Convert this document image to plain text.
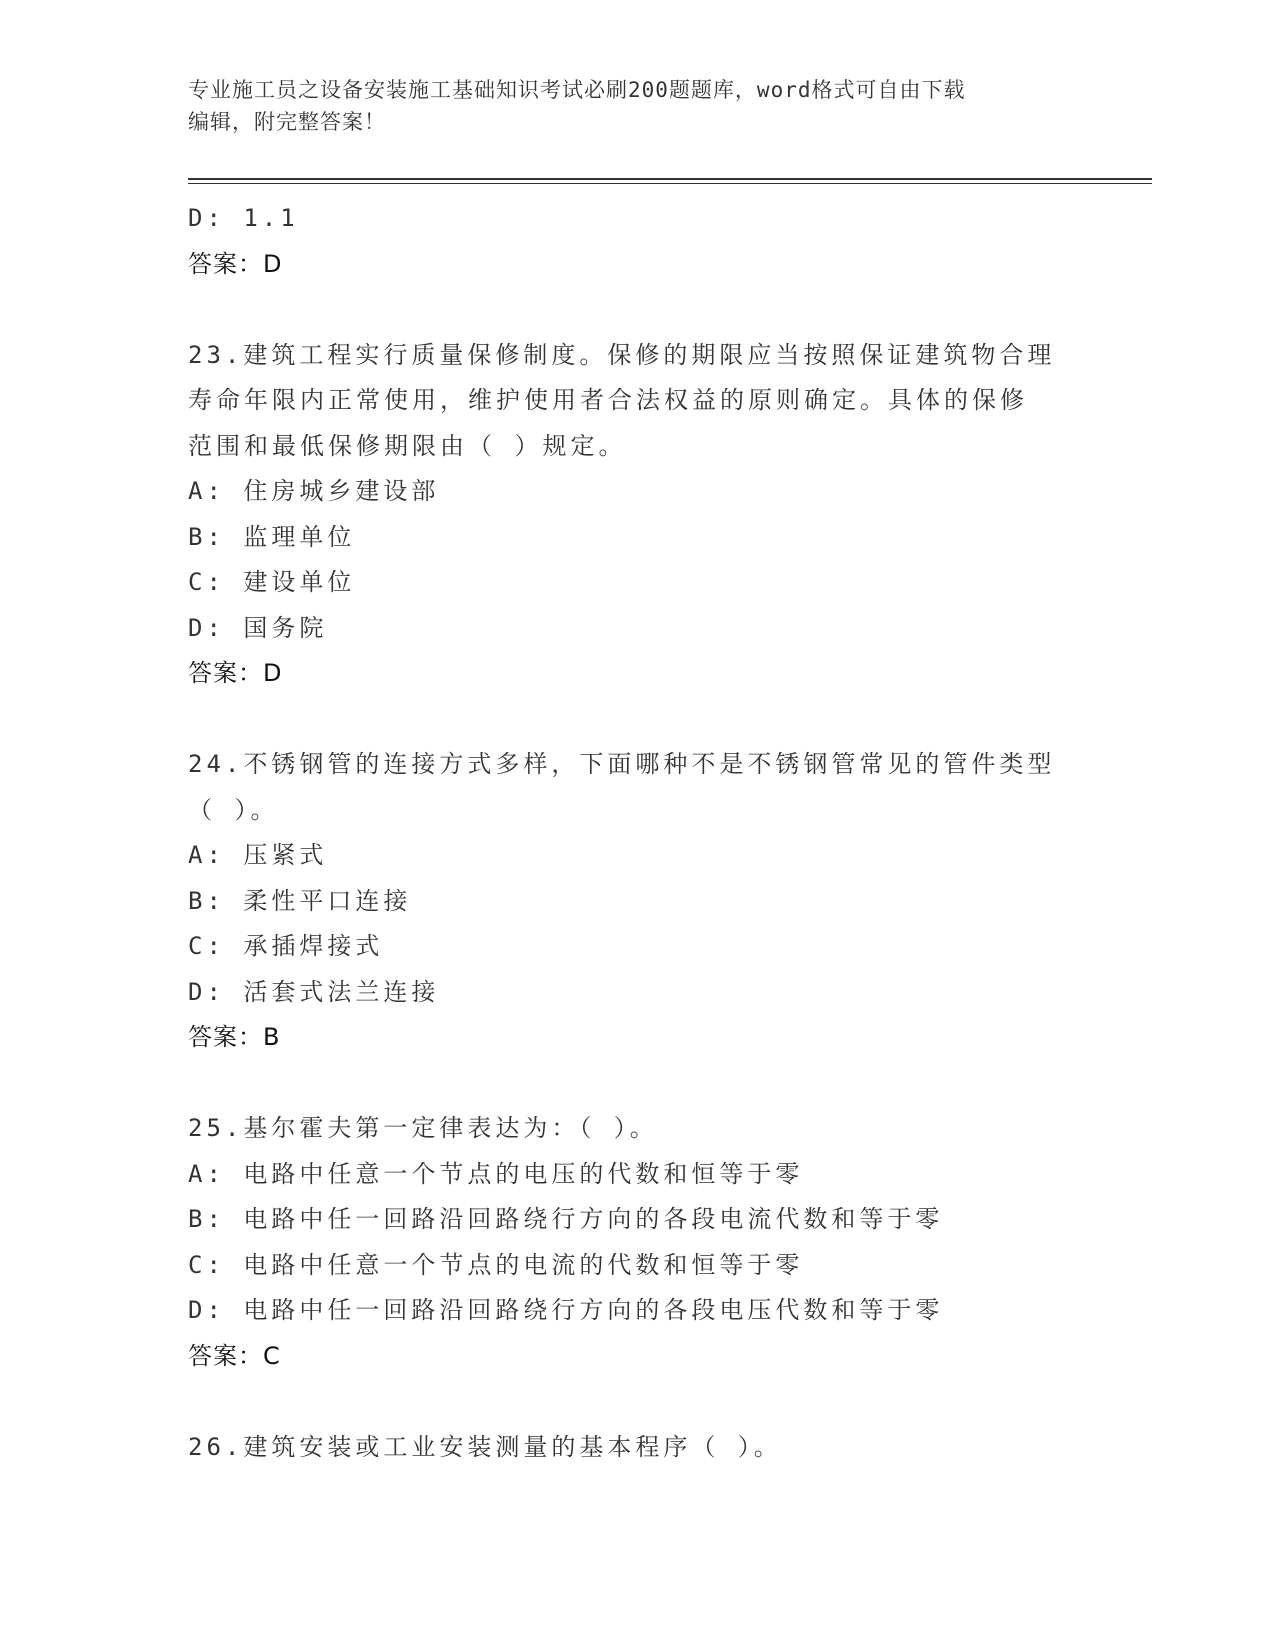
专业施工员之设备安装施工基础知识考试必刷200题题库，word格式可自由下载
编辑，附完整答案！
D: 1.1
答案：D
23.建筑工程实行质量保修制度。保修的期限应当按照保证建筑物合理
寿命年限内正常使用，维护使用者合法权益的原则确定。具体的保修
范围和最低保修期限由（ ）规定。
A: 住房城乡建设部
B: 监理单位
C: 建设单位
D: 国务院
答案：D
24.不锈钢管的连接方式多样，下面哪种不是不锈钢管常见的管件类型
（ ）。
A: 压紧式
B: 柔性平口连接
C: 承插焊接式
D: 活套式法兰连接
答案：B
25.基尔霍夫第一定律表达为：（ ）。
A: 电路中任意一个节点的电压的代数和恒等于零
B: 电路中任一回路沿回路绕行方向的各段电流代数和等于零
C: 电路中任意一个节点的电流的代数和恒等于零
D: 电路中任一回路沿回路绕行方向的各段电压代数和等于零
答案：C
26.建筑安装或工业安装测量的基本程序（ ）。
